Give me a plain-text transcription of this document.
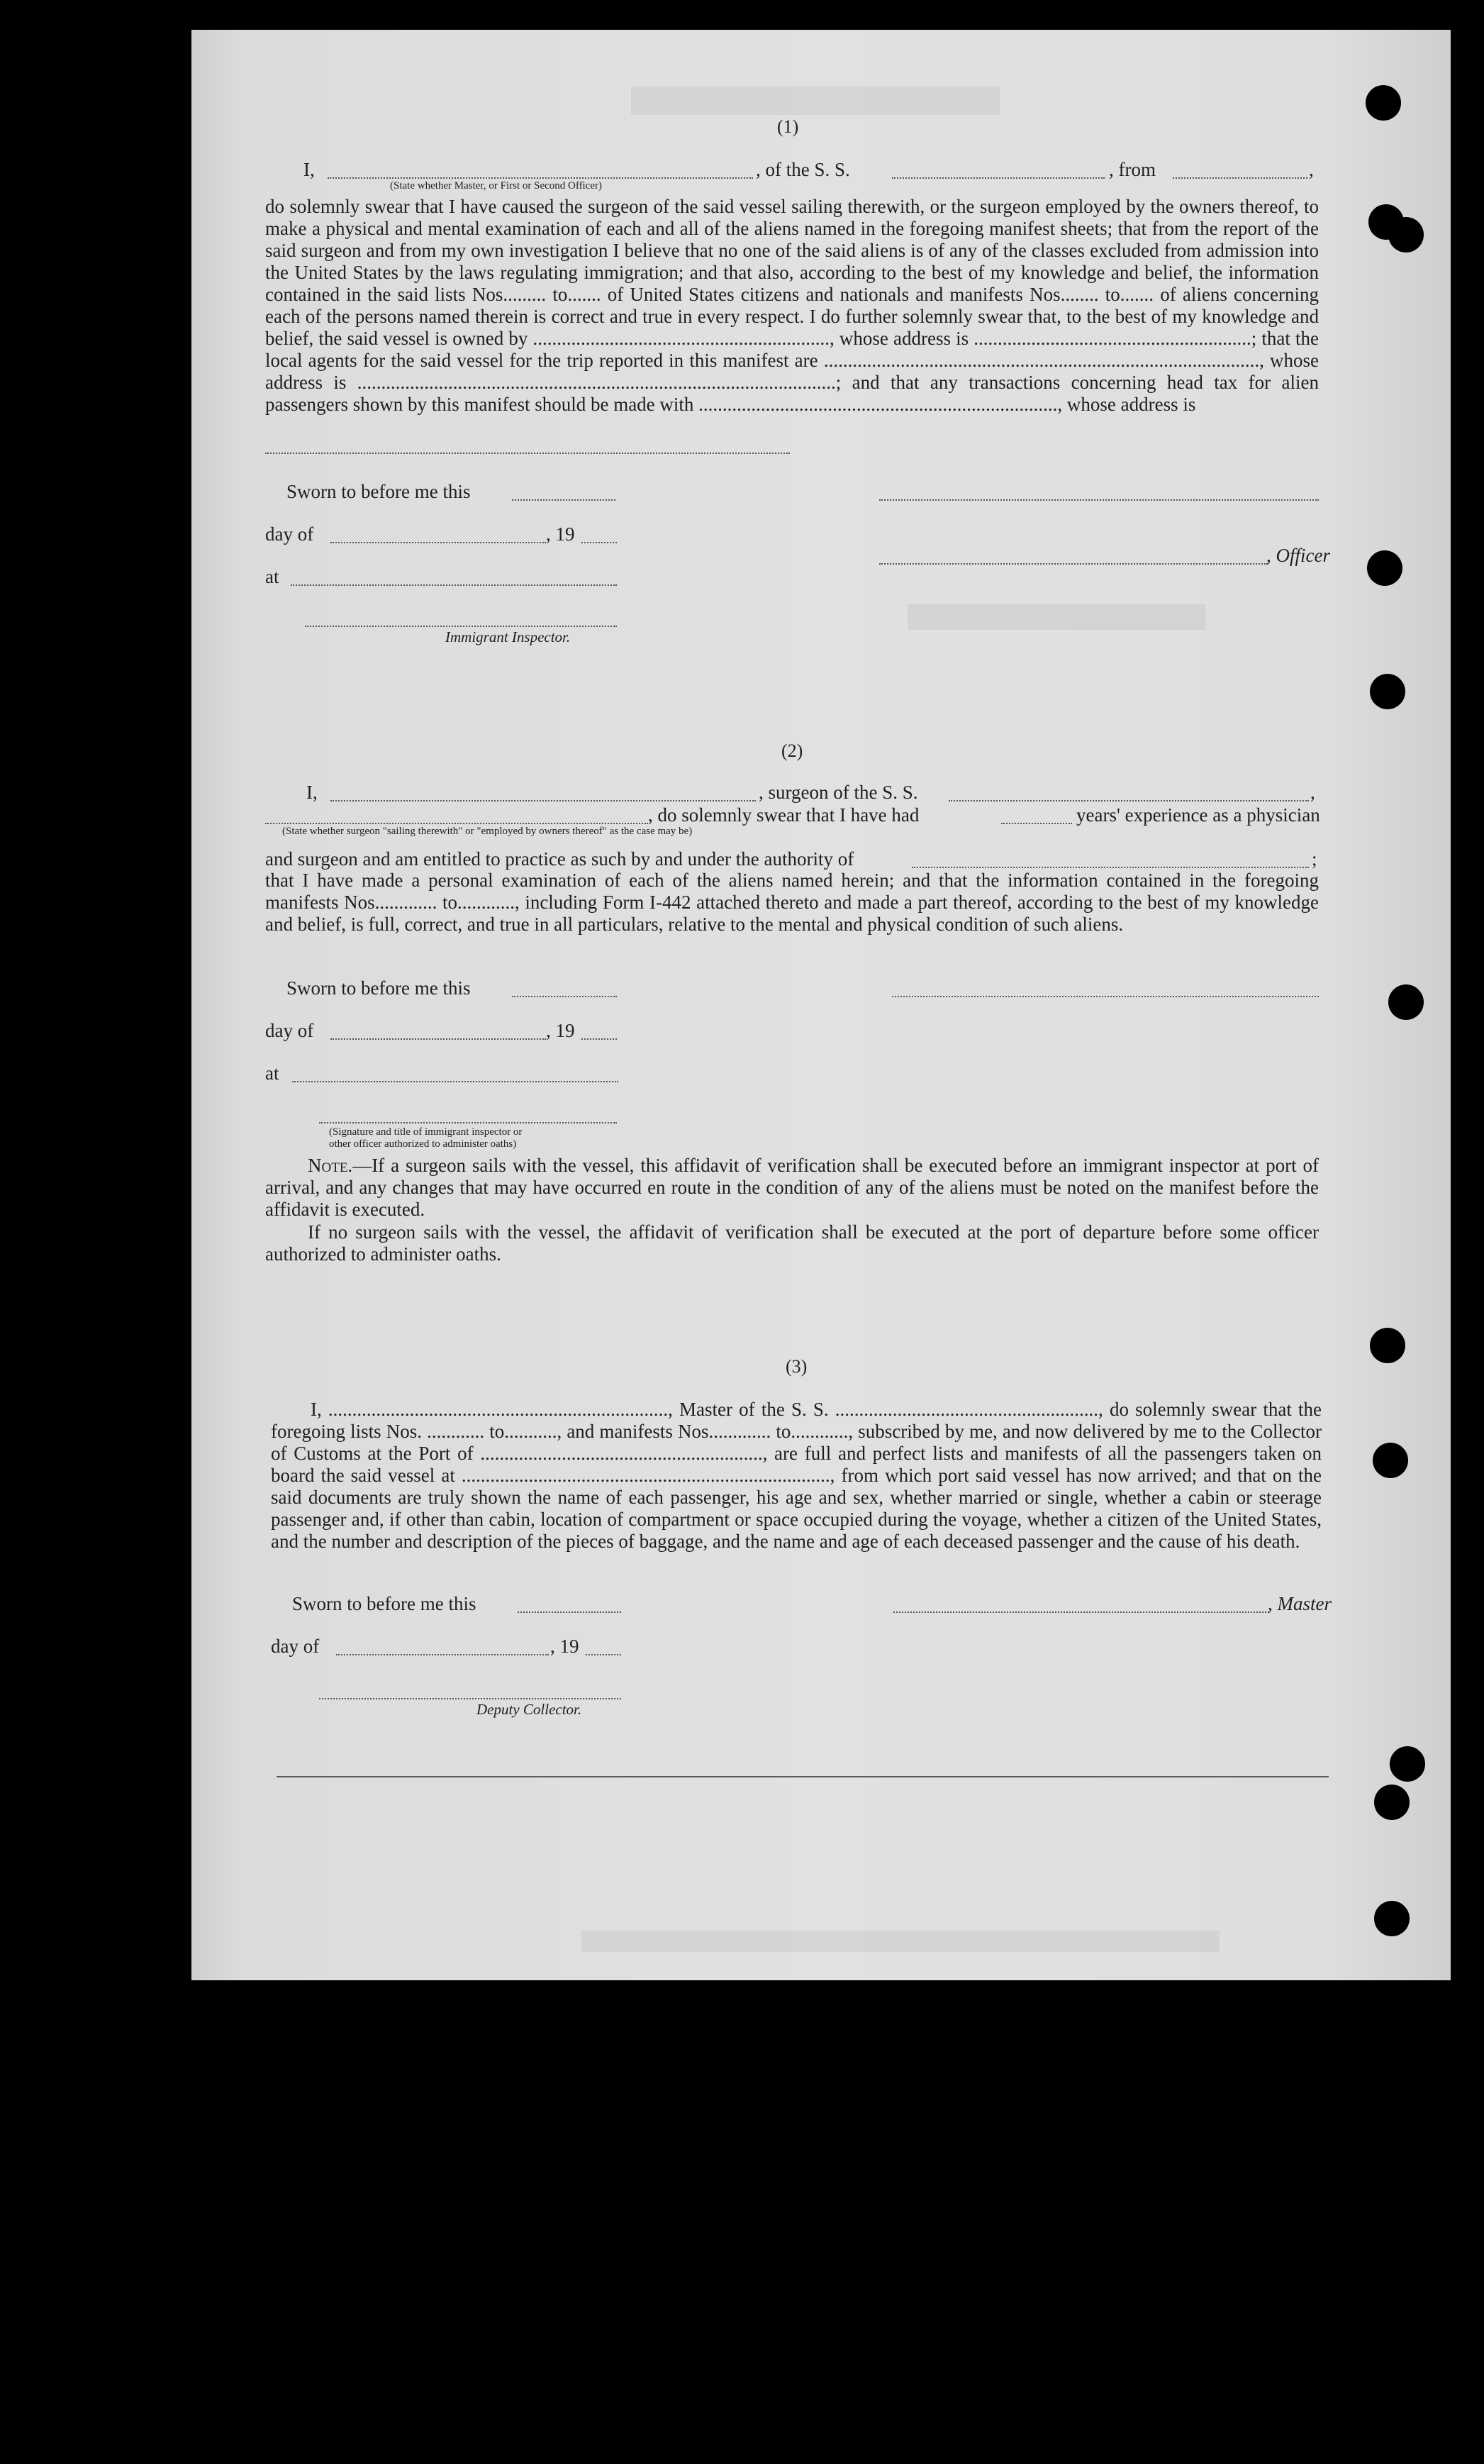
(1)
I,	, of the S. S.	, from	,
(State whether Master, or First or Second Officer)
do solemnly swear that I have caused the surgeon of the said vessel sailing therewith, or the surgeon employed by the owners thereof, to make a physical and mental examination of each and all of the aliens named in the foregoing manifest sheets; that from the report of the said surgeon and from my own investigation I believe that no one of the said aliens is of any of the classes excluded from admission into the United States by the laws regulating immigration; and that also, according to the best of my knowledge and belief, the information contained in the said lists Nos......... to....... of United States citizens and nationals and manifests Nos........ to....... of aliens concerning each of the persons named therein is correct and true in every respect. I do further solemnly swear that, to the best of my knowledge and belief, the said vessel is owned by .............................................................., whose address is ..........................................................; that the local agents for the said vessel for the trip reported in this manifest are ..........................................................................................., whose address is ....................................................................................................; and that any transactions concerning head tax for alien passengers shown by this manifest should be made with ..........................................................................., whose address is
Sworn to before me this
day of	, 19
, Officer
at
Immigrant Inspector.
(2)
I,	, surgeon of the S. S.	,
, do solemnly swear that I have had	years' experience as a physician
(State whether surgeon "sailing therewith" or "employed by owners thereof" as the case may be)
and surgeon and am entitled to practice as such by and under the authority of	;
that I have made a personal examination of each of the aliens named herein; and that the information contained in the foregoing manifests Nos............. to............, including Form I-442 attached thereto and made a part thereof, according to the best of my knowledge and belief, is full, correct, and true in all particulars, relative to the mental and physical condition of such aliens.
Sworn to before me this
day of	, 19
at
(Signature and title of immigrant inspector or
other officer authorized to administer oaths)
Note.—If a surgeon sails with the vessel, this affidavit of verification shall be executed before an immigrant inspector at port of arrival, and any changes that may have occurred en route in the condition of any of the aliens must be noted on the manifest before the affidavit is executed.
If no surgeon sails with the vessel, the affidavit of verification shall be executed at the port of departure before some officer authorized to administer oaths.
(3)
I, ......................................................................., Master of the S. S. ......................................................., do solemnly swear that the foregoing lists Nos. ............ to..........., and manifests Nos............. to............, subscribed by me, and now delivered by me to the Collector of Customs at the Port of ..........................................................., are full and perfect lists and manifests of all the passengers taken on board the said vessel at ............................................................................., from which port said vessel has now arrived; and that on the said documents are truly shown the name of each passenger, his age and sex, whether married or single, whether a cabin or steerage passenger and, if other than cabin, location of compartment or space occupied during the voyage, whether a citizen of the United States, and the number and description of the pieces of baggage, and the name and age of each deceased passenger and the cause of his death.
Sworn to before me this	, Master
day of	, 19
Deputy Collector.
